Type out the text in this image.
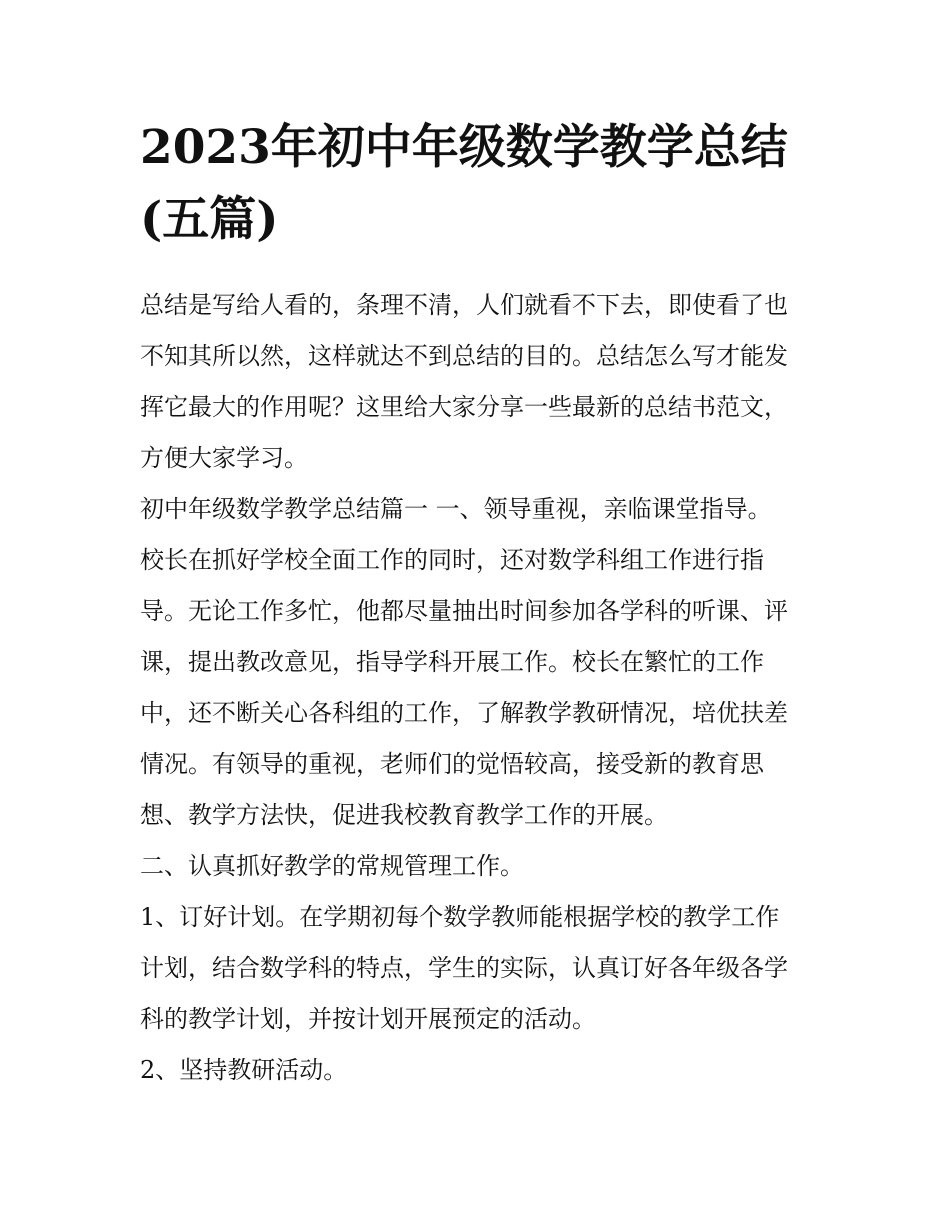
2023年初中年级数学教学总结
(五篇)
总结是写给人看的，条理不清，人们就看不下去，即使看了也
不知其所以然，这样就达不到总结的目的。总结怎么写才能发
挥它最大的作用呢？这里给大家分享一些最新的总结书范文，
方便大家学习。
初中年级数学教学总结篇一 一、领导重视，亲临课堂指导。
校长在抓好学校全面工作的同时，还对数学科组工作进行指
导。无论工作多忙，他都尽量抽出时间参加各学科的听课、评
课，提出教改意见，指导学科开展工作。校长在繁忙的工作
中，还不断关心各科组的工作，了解教学教研情况，培优扶差
情况。有领导的重视，老师们的觉悟较高，接受新的教育思
想、教学方法快，促进我校教育教学工作的开展。
二、认真抓好教学的常规管理工作。
1、订好计划。在学期初每个数学教师能根据学校的教学工作
计划，结合数学科的特点，学生的实际，认真订好各年级各学
科的教学计划，并按计划开展预定的活动。
2、坚持教研活动。
